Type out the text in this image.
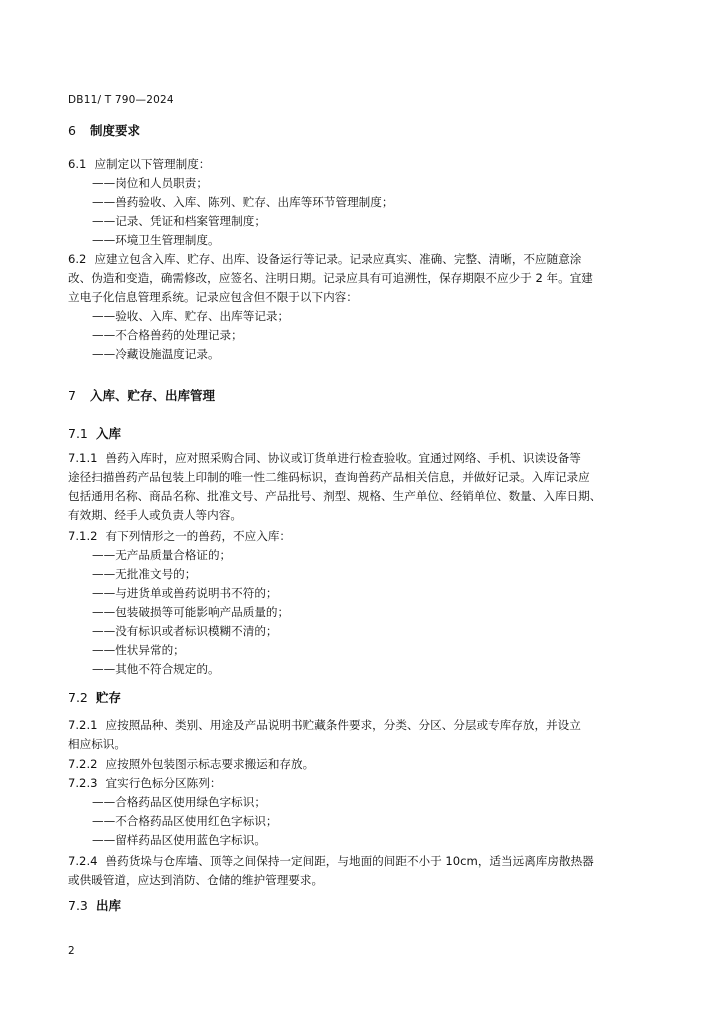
DB11/ T 790—2024
6 制度要求
6.1 应制定以下管理制度：
——岗位和人员职责；
——兽药验收、入库、陈列、贮存、出库等环节管理制度；
——记录、凭证和档案管理制度；
——环境卫生管理制度。
6.2 应建立包含入库、贮存、出库、设备运行等记录。记录应真实、准确、完整、清晰，不应随意涂
改、伪造和变造，确需修改，应签名、注明日期。记录应具有可追溯性，保存期限不应少于 2 年。宜建
立电子化信息管理系统。记录应包含但不限于以下内容：
——验收、入库、贮存、出库等记录；
——不合格兽药的处理记录；
——冷藏设施温度记录。
7 入库、贮存、出库管理
7.1 入库
7.1.1 兽药入库时，应对照采购合同、协议或订货单进行检查验收。宜通过网络、手机、识读设备等
途径扫描兽药产品包装上印制的唯一性二维码标识，查询兽药产品相关信息，并做好记录。入库记录应
包括通用名称、商品名称、批准文号、产品批号、剂型、规格、生产单位、经销单位、数量、入库日期、
有效期、经手人或负责人等内容。
7.1.2 有下列情形之一的兽药，不应入库：
——无产品质量合格证的；
——无批准文号的；
——与进货单或兽药说明书不符的；
——包装破损等可能影响产品质量的；
——没有标识或者标识模糊不清的；
——性状异常的；
——其他不符合规定的。
7.2 贮存
7.2.1 应按照品种、类别、用途及产品说明书贮藏条件要求，分类、分区、分层或专库存放，并设立
相应标识。
7.2.2 应按照外包装图示标志要求搬运和存放。
7.2.3 宜实行色标分区陈列：
——合格药品区使用绿色字标识；
——不合格药品区使用红色字标识；
——留样药品区使用蓝色字标识。
7.2.4 兽药货垛与仓库墙、顶等之间保持一定间距，与地面的间距不小于 10cm，适当远离库房散热器
或供暖管道，应达到消防、仓储的维护管理要求。
7.3 出库
2
